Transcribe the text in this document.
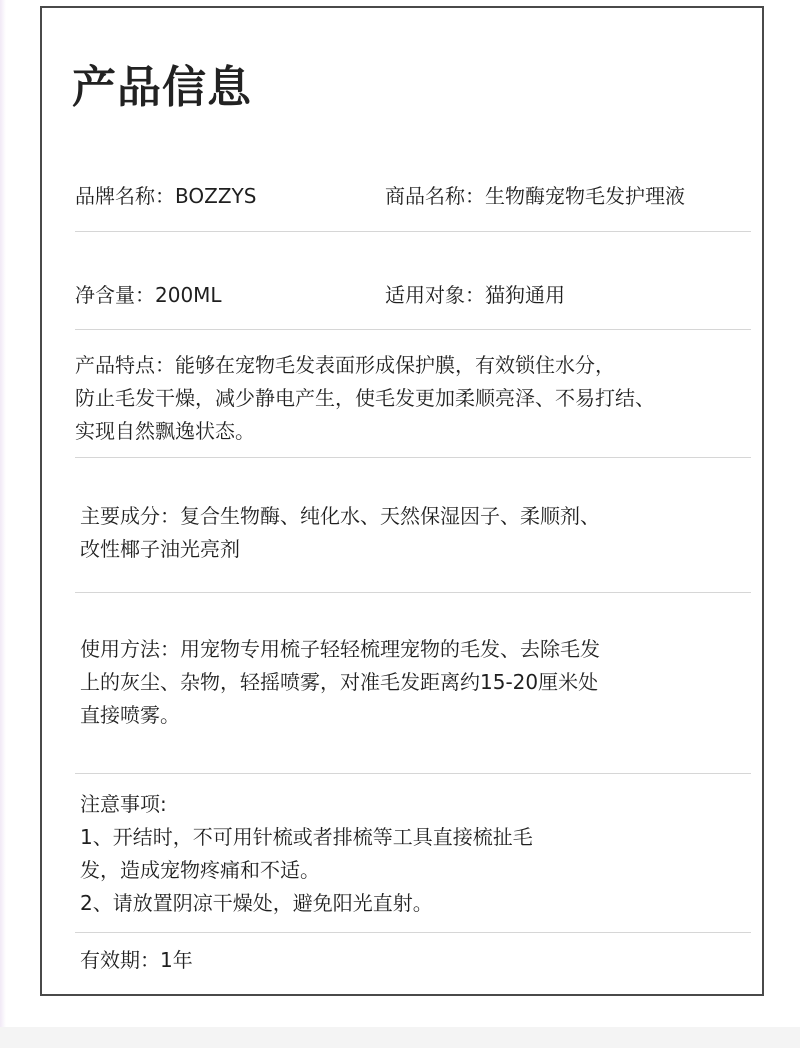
产品信息
品牌名称：BOZZYS	商品名称：生物酶宠物毛发护理液
净含量：200ML	适用对象：猫狗通用
产品特点：能够在宠物毛发表面形成保护膜，有效锁住水分，
防止毛发干燥，减少静电产生，使毛发更加柔顺亮泽、不易打结、
实现自然飘逸状态。
主要成分：复合生物酶、纯化水、天然保湿因子、柔顺剂、
改性椰子油光亮剂
使用方法：用宠物专用梳子轻轻梳理宠物的毛发、去除毛发
上的灰尘、杂物，轻摇喷雾，对准毛发距离约15-20厘米处
直接喷雾。
注意事项:
1、开结时，不可用针梳或者排梳等工具直接梳扯毛
发，造成宠物疼痛和不适。
2、请放置阴凉干燥处，避免阳光直射。
有效期：1年
